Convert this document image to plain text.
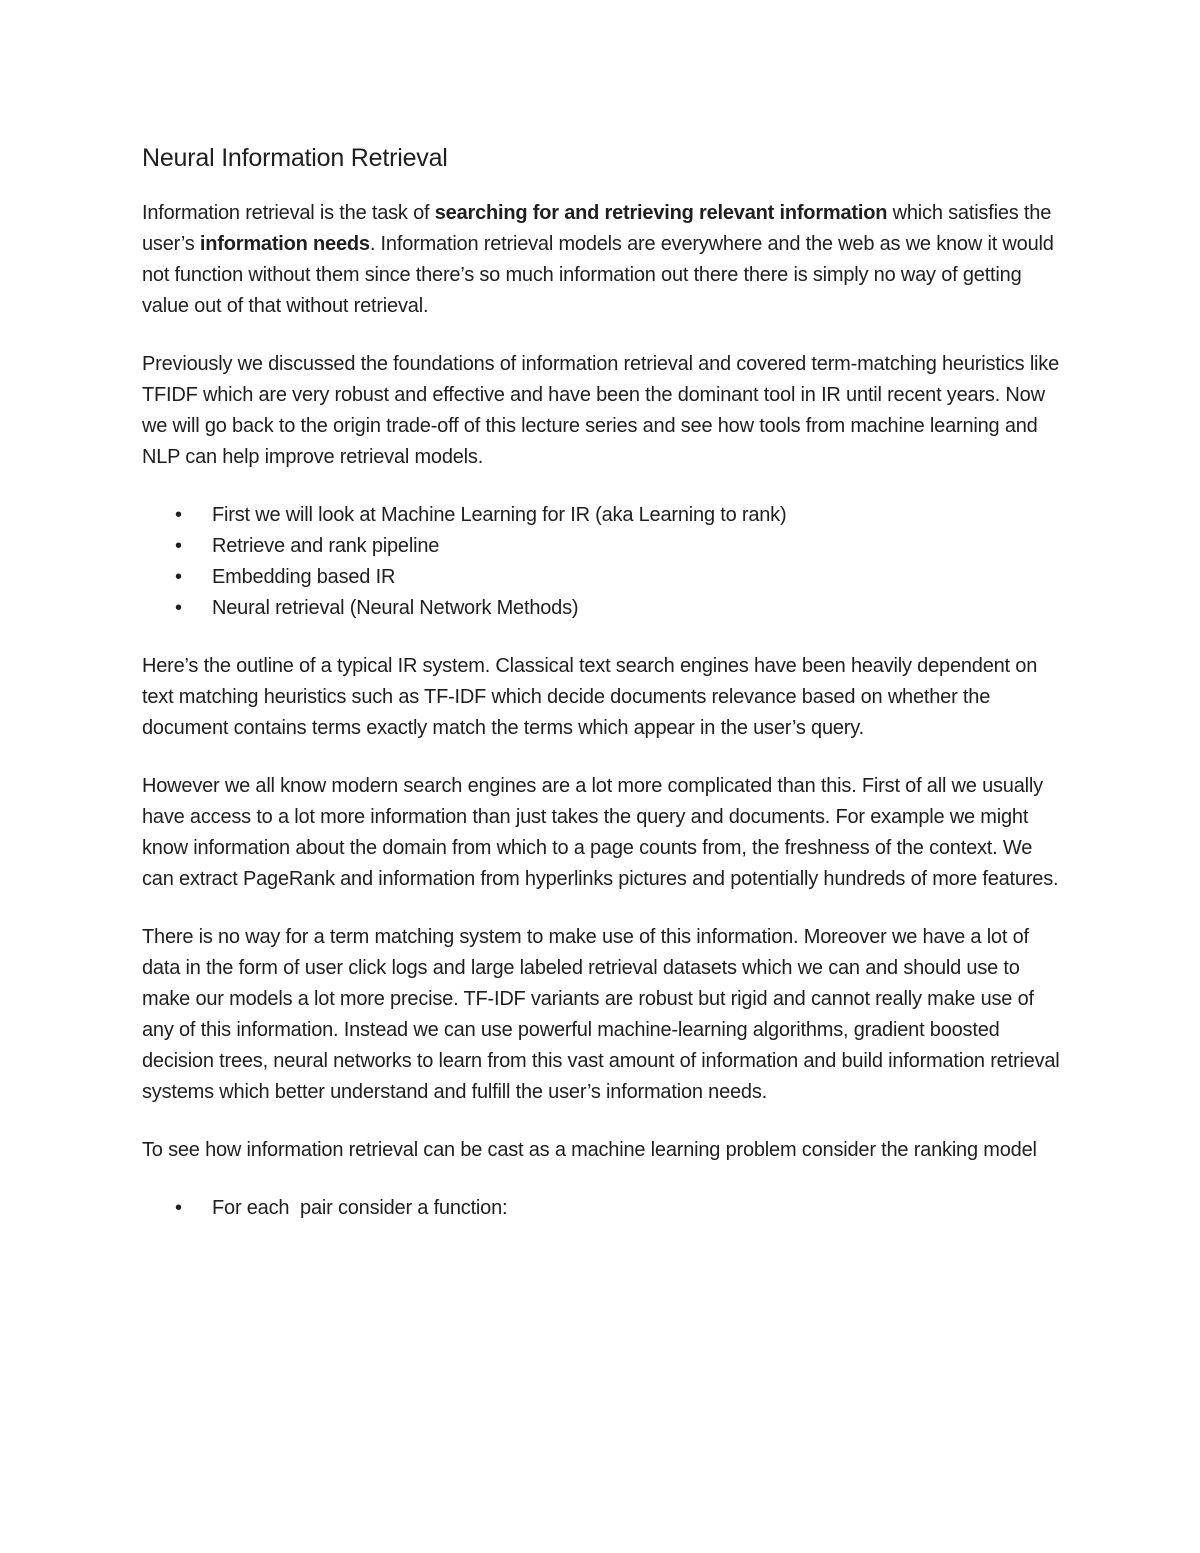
Neural Information Retrieval

Information retrieval is the task of searching for and retrieving relevant information which satisfies the user’s information needs. Information retrieval models are everywhere and the web as we know it would not function without them since there’s so much information out there there is simply no way of getting value out of that without retrieval.

Previously we discussed the foundations of information retrieval and covered term-matching heuristics like TFIDF which are very robust and effective and have been the dominant tool in IR until recent years. Now we will go back to the origin trade-off of this lecture series and see how tools from machine learning and NLP can help improve retrieval models.

• First we will look at Machine Learning for IR (aka Learning to rank)
• Retrieve and rank pipeline
• Embedding based IR
• Neural retrieval (Neural Network Methods)

Here’s the outline of a typical IR system. Classical text search engines have been heavily dependent on text matching heuristics such as TF-IDF which decide documents relevance based on whether the document contains terms exactly match the terms which appear in the user’s query.

However we all know modern search engines are a lot more complicated than this. First of all we usually have access to a lot more information than just takes the query and documents. For example we might know information about the domain from which to a page counts from, the freshness of the context. We can extract PageRank and information from hyperlinks pictures and potentially hundreds of more features.

There is no way for a term matching system to make use of this information. Moreover we have a lot of data in the form of user click logs and large labeled retrieval datasets which we can and should use to make our models a lot more precise. TF-IDF variants are robust but rigid and cannot really make use of any of this information. Instead we can use powerful machine-learning algorithms, gradient boosted decision trees, neural networks to learn from this vast amount of information and build information retrieval systems which better understand and fulfill the user’s information needs.

To see how information retrieval can be cast as a machine learning problem consider the ranking model

• For each  pair consider a function:
